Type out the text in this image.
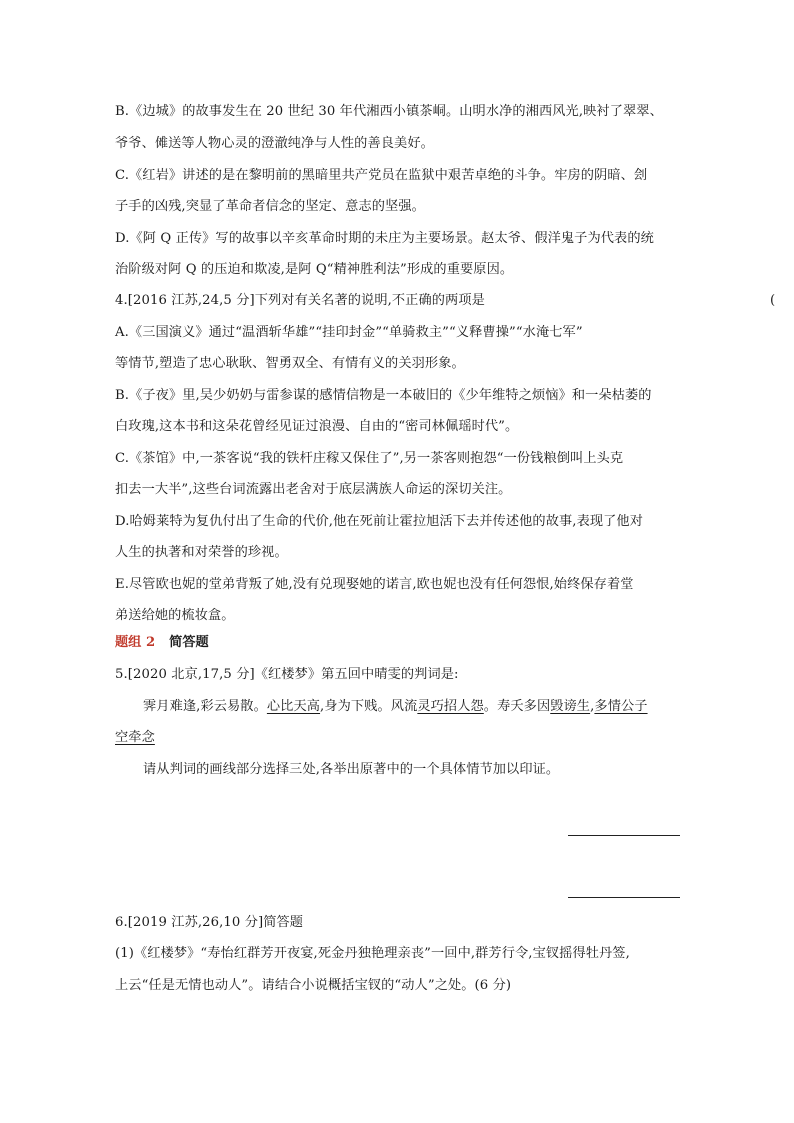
B.《边城》的故事发生在 20 世纪 30 年代湘西小镇茶峒。山明水净的湘西风光,映衬了翠翠、
爷爷、傩送等人物心灵的澄澈纯净与人性的善良美好。
C.《红岩》讲述的是在黎明前的黑暗里共产党员在监狱中艰苦卓绝的斗争。牢房的阴暗、刽
子手的凶残,突显了革命者信念的坚定、意志的坚强。
D.《阿 Q 正传》写的故事以辛亥革命时期的未庄为主要场景。赵太爷、假洋鬼子为代表的统
治阶级对阿 Q 的压迫和欺凌,是阿 Q“精神胜利法”形成的重要原因。
4.[2016 江苏,24,5 分]下列对有关名著的说明,不正确的两项是	(
A.《三国演义》通过“温酒斩华雄”“挂印封金”“单骑救主”“义释曹操”“水淹七军”
等情节,塑造了忠心耿耿、智勇双全、有情有义的关羽形象。
B.《子夜》里,吴少奶奶与雷参谋的感情信物是一本破旧的《少年维特之烦恼》和一朵枯萎的
白玫瑰,这本书和这朵花曾经见证过浪漫、自由的“密司林佩瑶时代”。
C.《茶馆》中,一茶客说“我的铁杆庄稼又保住了”,另一茶客则抱怨“一份钱粮倒叫上头克
扣去一大半”,这些台词流露出老舍对于底层满族人命运的深切关注。
D.哈姆莱特为复仇付出了生命的代价,他在死前让霍拉旭活下去并传述他的故事,表现了他对
人生的执著和对荣誉的珍视。
E.尽管欧也妮的堂弟背叛了她,没有兑现娶她的诺言,欧也妮也没有任何怨恨,始终保存着堂
弟送给她的梳妆盒。
题组 2 简答题
5.[2020 北京,17,5 分]《红楼梦》第五回中晴雯的判词是:
霁月难逢,彩云易散。心比天高,身为下贱。风流灵巧招人怨。寿夭多因毁谤生,多情公子
空牵念
请从判词的画线部分选择三处,各举出原著中的一个具体情节加以印证。
6.[2019 江苏,26,10 分]简答题
(1)《红楼梦》“寿怡红群芳开夜宴,死金丹独艳理亲丧”一回中,群芳行令,宝钗摇得牡丹签,
上云“任是无情也动人”。请结合小说概括宝钗的“动人”之处。(6 分)
